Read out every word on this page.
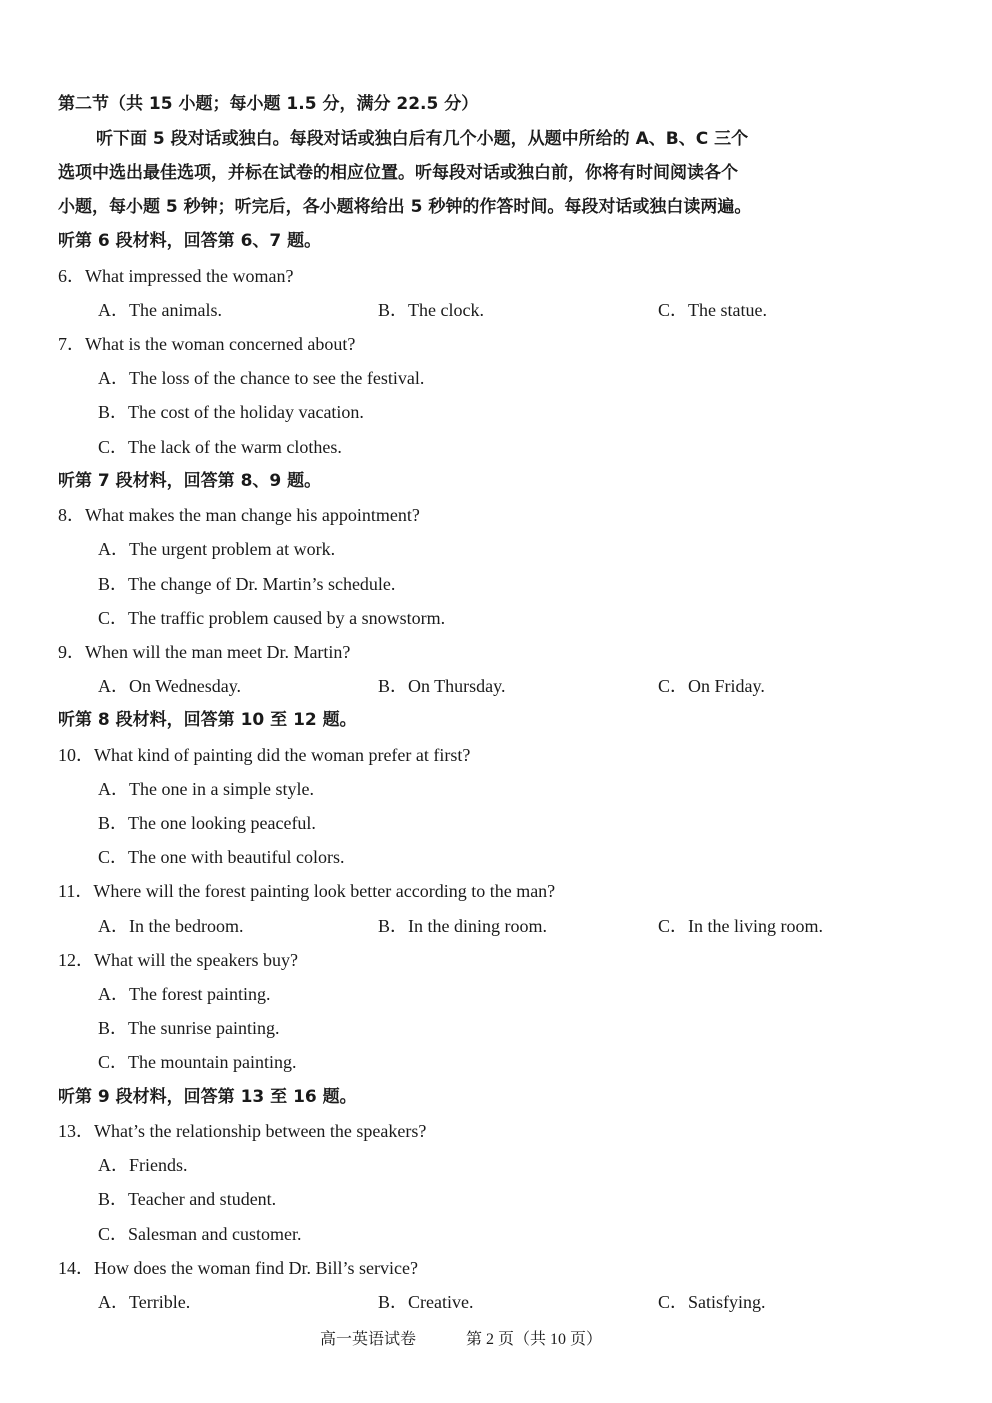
第二节（共 15 小题；每小题 1.5 分，满分 22.5 分）
听下面 5 段对话或独白。每段对话或独白后有几个小题，从题中所给的 A、B、C 三个
选项中选出最佳选项，并标在试卷的相应位置。听每段对话或独白前，你将有时间阅读各个
小题，每小题 5 秒钟；听完后，各小题将给出 5 秒钟的作答时间。每段对话或独白读两遍。
听第 6 段材料，回答第 6、7 题。
6．What impressed the woman?
A．The animals.	B．The clock.	C．The statue.
7．What is the woman concerned about?
A．The loss of the chance to see the festival.
B．The cost of the holiday vacation.
C．The lack of the warm clothes.
听第 7 段材料，回答第 8、9 题。
8．What makes the man change his appointment?
A．The urgent problem at work.
B．The change of Dr. Martin’s schedule.
C．The traffic problem caused by a snowstorm.
9．When will the man meet Dr. Martin?
A．On Wednesday.	B．On Thursday.	C．On Friday.
听第 8 段材料，回答第 10 至 12 题。
10．What kind of painting did the woman prefer at first?
A．The one in a simple style.
B．The one looking peaceful.
C．The one with beautiful colors.
11．Where will the forest painting look better according to the man?
A．In the bedroom.	B．In the dining room.	C．In the living room.
12．What will the speakers buy?
A．The forest painting.
B．The sunrise painting.
C．The mountain painting.
听第 9 段材料，回答第 13 至 16 题。
13．What’s the relationship between the speakers?
A．Friends.
B．Teacher and student.
C．Salesman and customer.
14．How does the woman find Dr. Bill’s service?
A．Terrible.	B．Creative.	C．Satisfying.
高一英语试卷	第 2 页（共 10 页）
